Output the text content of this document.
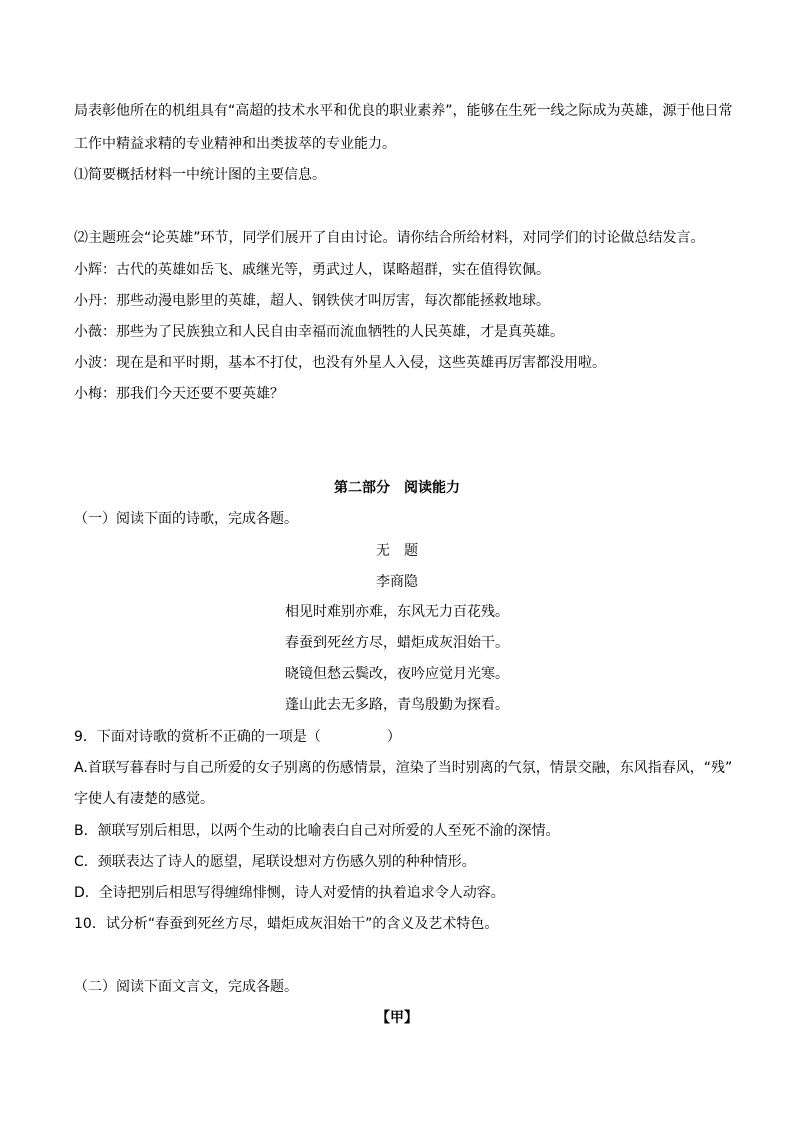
局表彰他所在的机组具有“高超的技术水平和优良的职业素养”，能够在生死一线之际成为英雄，源于他日常
工作中精益求精的专业精神和出类拔萃的专业能力。
⑴简要概括材料一中统计图的主要信息。
⑵主题班会“论英雄”环节，同学们展开了自由讨论。请你结合所给材料，对同学们的讨论做总结发言。
小辉：古代的英雄如岳飞、戚继光等，勇武过人，谋略超群，实在值得钦佩。
小丹：那些动漫电影里的英雄，超人、钢铁侠才叫厉害，每次都能拯救地球。
小薇：那些为了民族独立和人民自由幸福而流血牺牲的人民英雄，才是真英雄。
小波：现在是和平时期，基本不打仗，也没有外星人入侵，这些英雄再厉害都没用啦。
小梅：那我们今天还要不要英雄？
第二部分　阅读能力
（一）阅读下面的诗歌，完成各题。
无　题
李商隐
相见时难别亦难，东风无力百花残。
春蚕到死丝方尽，蜡炬成灰泪始干。
晓镜但愁云鬓改，夜吟应觉月光寒。
蓬山此去无多路，青鸟殷勤为探看。
9．下面对诗歌的赏析不正确的一项是（	）
A.首联写暮春时与自己所爱的女子别离的伤感情景，渲染了当时别离的气氛，情景交融，东风指春风，“残”
字使人有凄楚的感觉。
B．颔联写别后相思，以两个生动的比喻表白自己对所爱的人至死不渝的深情。
C．颈联表达了诗人的愿望，尾联设想对方伤感久别的种种情形。
D．全诗把别后相思写得缠绵悱恻，诗人对爱情的执着追求令人动容。
10．试分析“春蚕到死丝方尽，蜡炬成灰泪始干”的含义及艺术特色。
（二）阅读下面文言文，完成各题。
【甲】
